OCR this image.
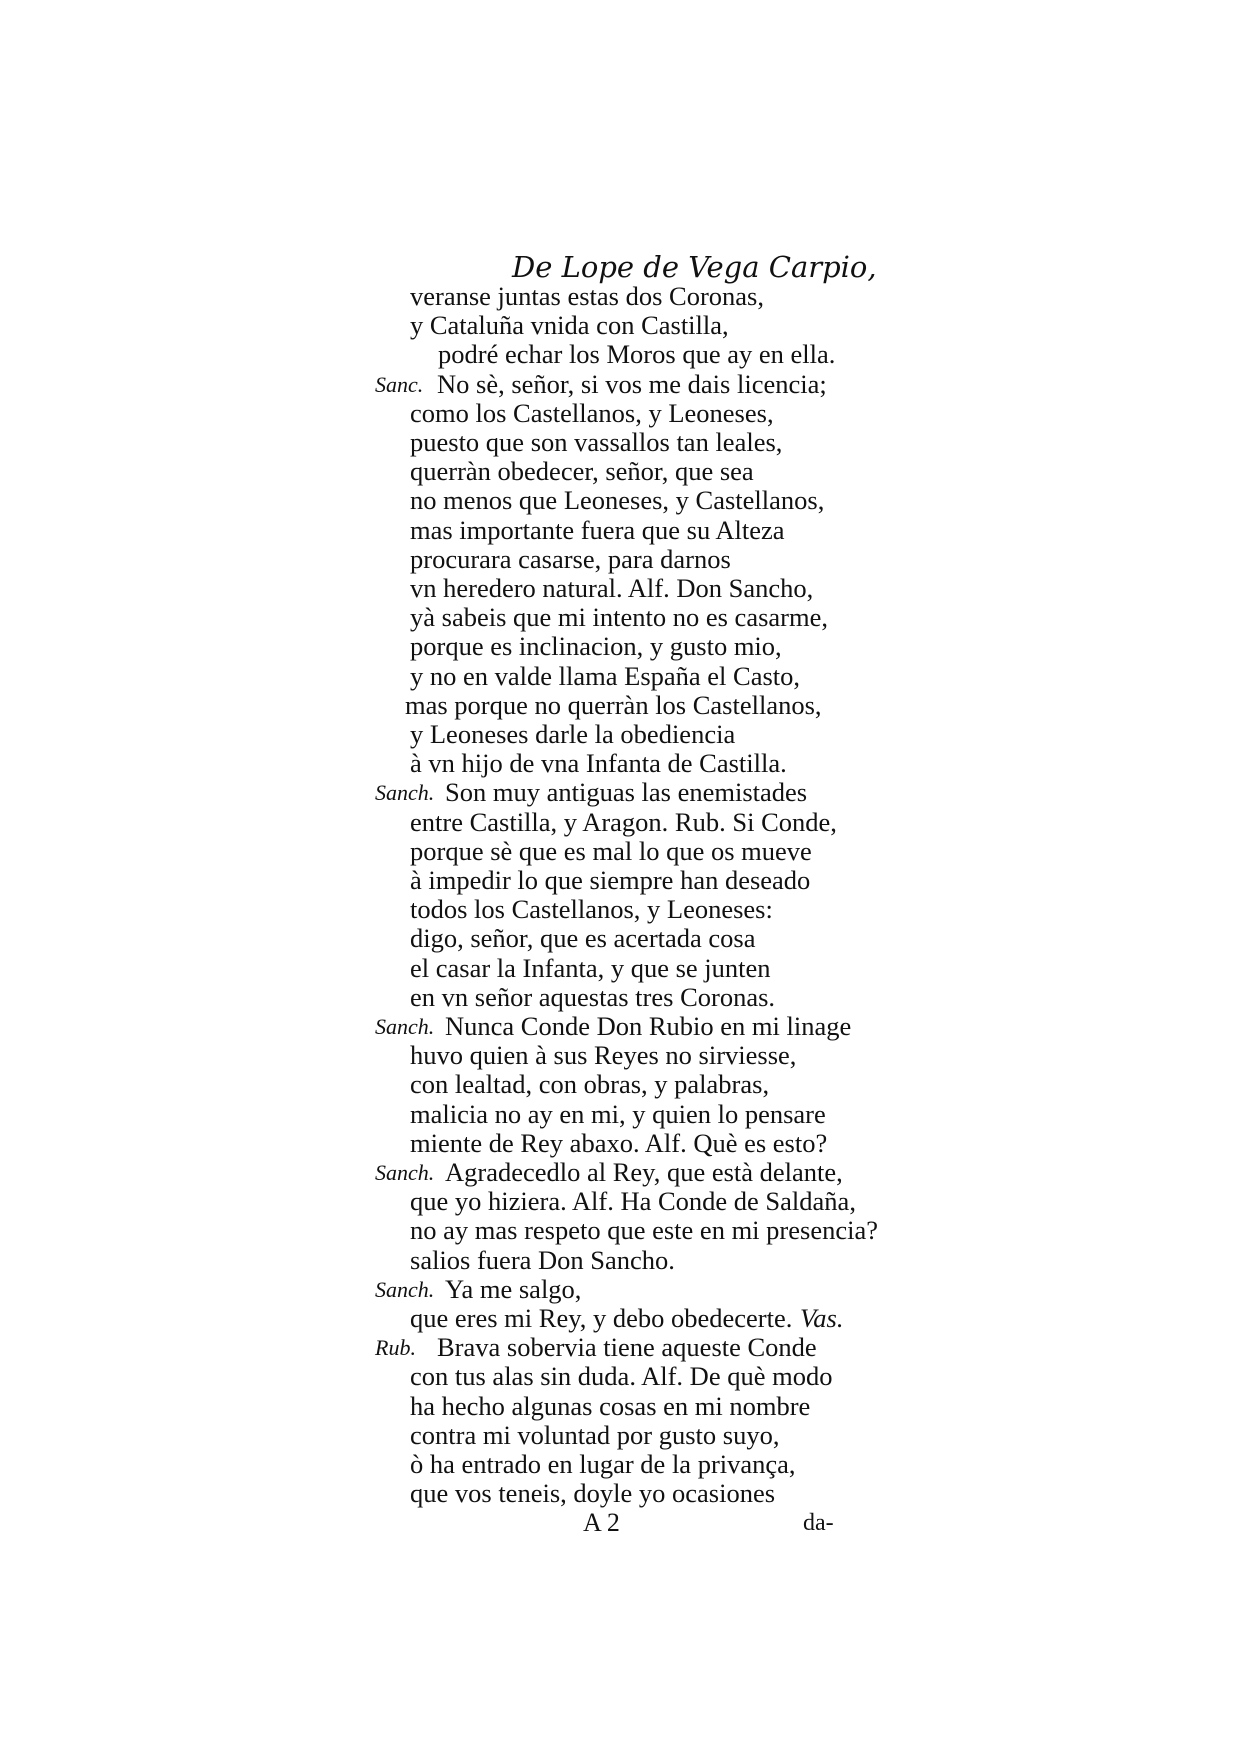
De Lope de Vega Carpio,
veranse juntas estas dos Coronas,
y Cataluña vnida con Castilla,
podré echar los Moros que ay en ella.
Sanc. No sè, señor, si vos me dais licencia;
como los Castellanos, y Leoneses,
puesto que son vassallos tan leales,
querràn obedecer, señor, que sea
no menos que Leoneses, y Castellanos,
mas importante fuera que su Alteza
procurara casarse, para darnos
vn heredero natural. Alf. Don Sancho,
yà sabeis que mi intento no es casarme,
porque es inclinacion, y gusto mio,
y no en valde llama España el Casto,
mas porque no querràn los Castellanos,
y Leoneses darle la obediencia
à vn hijo de vna Infanta de Castilla.
Sanch. Son muy antiguas las enemistades
entre Castilla, y Aragon. Rub. Si Conde,
porque sè que es mal lo que os mueve
à impedir lo que siempre han deseado
todos los Castellanos, y Leoneses:
digo, señor, que es acertada cosa
el casar la Infanta, y que se junten
en vn señor aquestas tres Coronas.
Sanch. Nunca Conde Don Rubio en mi linage
huvo quien à sus Reyes no sirviesse,
con lealtad, con obras, y palabras,
malicia no ay en mi, y quien lo pensare
miente de Rey abaxo. Alf. Què es esto?
Sanch. Agradecedlo al Rey, que està delante,
que yo hiziera. Alf. Ha Conde de Saldaña,
no ay mas respeto que este en mi presencia?
salios fuera Don Sancho.
Sanch. Ya me salgo,
que eres mi Rey, y debo obedecerte. Vas.
Rub. Brava sobervia tiene aqueste Conde
con tus alas sin duda. Alf. De què modo
ha hecho algunas cosas en mi nombre
contra mi voluntad por gusto suyo,
ò ha entrado en lugar de la privança,
que vos teneis, doyle yo ocasiones
A 2	da-
